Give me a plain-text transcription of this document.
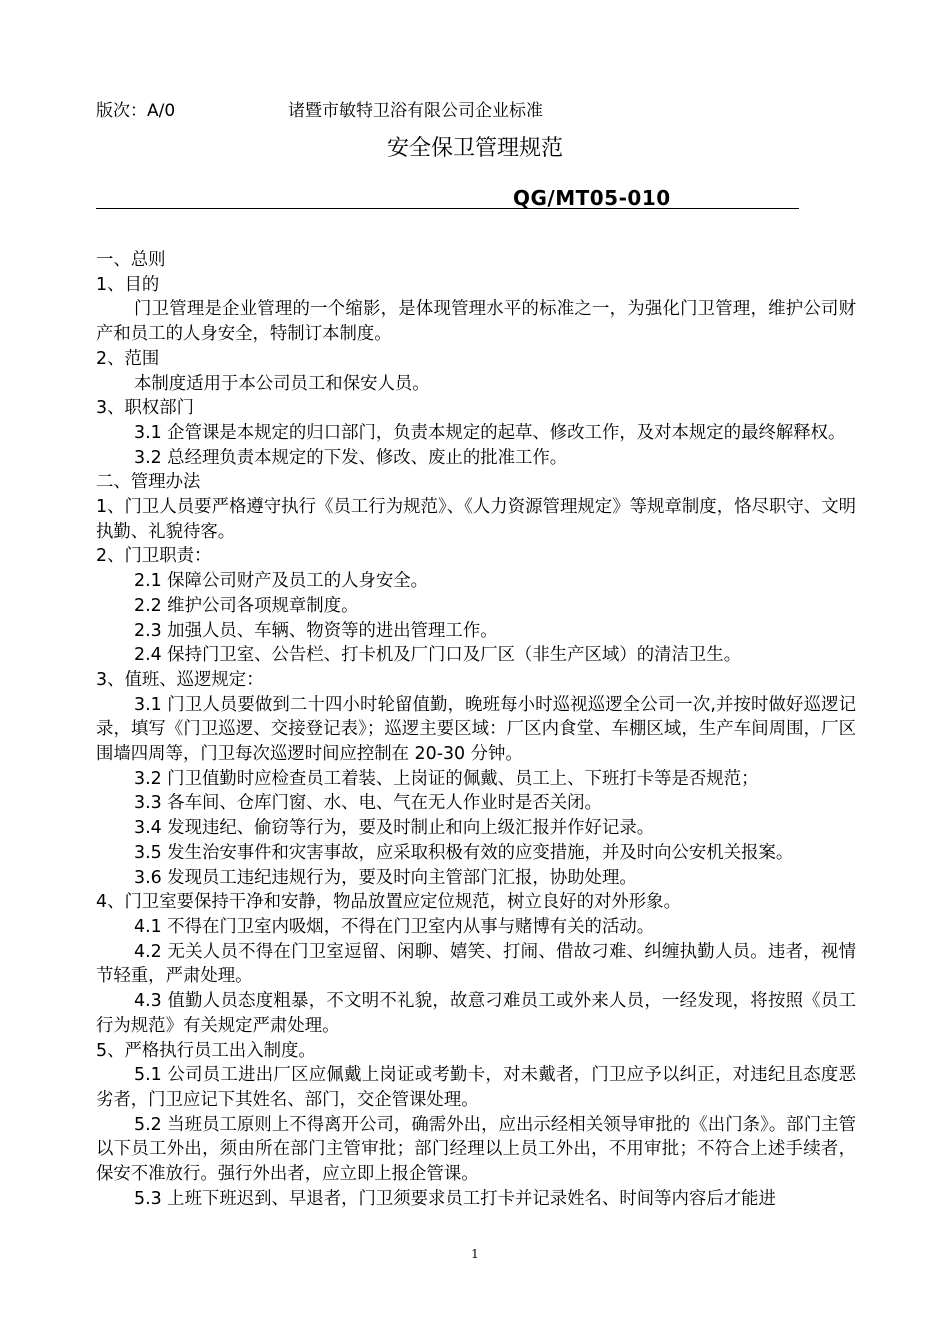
版次：A/0	诸暨市敏特卫浴有限公司企业标准
安全保卫管理规范
QG/MT05-010

一、总则

1、目的

门卫管理是企业管理的一个缩影，是体现管理水平的标准之一，为强化门卫管理，维护公司财产和员工的人身安全，特制订本制度。

2、范围

本制度适用于本公司员工和保安人员。

3、职权部门

3.1 企管课是本规定的归口部门，负责本规定的起草、修改工作，及对本规定的最终解释权。

3.2 总经理负责本规定的下发、修改、废止的批准工作。

二、管理办法

1、门卫人员要严格遵守执行《员工行为规范》、《人力资源管理规定》等规章制度，恪尽职守、文明执勤、礼貌待客。

2、门卫职责：

2.1 保障公司财产及员工的人身安全。

2.2 维护公司各项规章制度。

2.3 加强人员、车辆、物资等的进出管理工作。

2.4 保持门卫室、公告栏、打卡机及厂门口及厂区（非生产区域）的清洁卫生。

3、值班、巡逻规定：

3.1 门卫人员要做到二十四小时轮留值勤，晚班每小时巡视巡逻全公司一次,并按时做好巡逻记录，填写《门卫巡逻、交接登记表》；巡逻主要区域：厂区内食堂、车棚区域，生产车间周围，厂区围墙四周等，门卫每次巡逻时间应控制在 20-30 分钟。

3.2 门卫值勤时应检查员工着装、上岗证的佩戴、员工上、下班打卡等是否规范；

3.3 各车间、仓库门窗、水、电、气在无人作业时是否关闭。

3.4 发现违纪、偷窃等行为，要及时制止和向上级汇报并作好记录。

3.5 发生治安事件和灾害事故，应采取积极有效的应变措施，并及时向公安机关报案。

3.6 发现员工违纪违规行为，要及时向主管部门汇报，协助处理。

4、门卫室要保持干净和安静，物品放置应定位规范，树立良好的对外形象。

4.1 不得在门卫室内吸烟，不得在门卫室内从事与赌博有关的活动。

4.2 无关人员不得在门卫室逗留、闲聊、嬉笑、打闹、借故刁难、纠缠执勤人员。违者，视情节轻重，严肃处理。

4.3 值勤人员态度粗暴，不文明不礼貌，故意刁难员工或外来人员，一经发现，将按照《员工行为规范》有关规定严肃处理。

5、严格执行员工出入制度。

5.1 公司员工进出厂区应佩戴上岗证或考勤卡，对未戴者，门卫应予以纠正，对违纪且态度恶劣者，门卫应记下其姓名、部门，交企管课处理。

5.2 当班员工原则上不得离开公司，确需外出，应出示经相关领导审批的《出门条》。部门主管以下员工外出，须由所在部门主管审批；部门经理以上员工外出，不用审批；不符合上述手续者，保安不准放行。强行外出者，应立即上报企管课。

5.3 上班下班迟到、早退者，门卫须要求员工打卡并记录姓名、时间等内容后才能进

1
